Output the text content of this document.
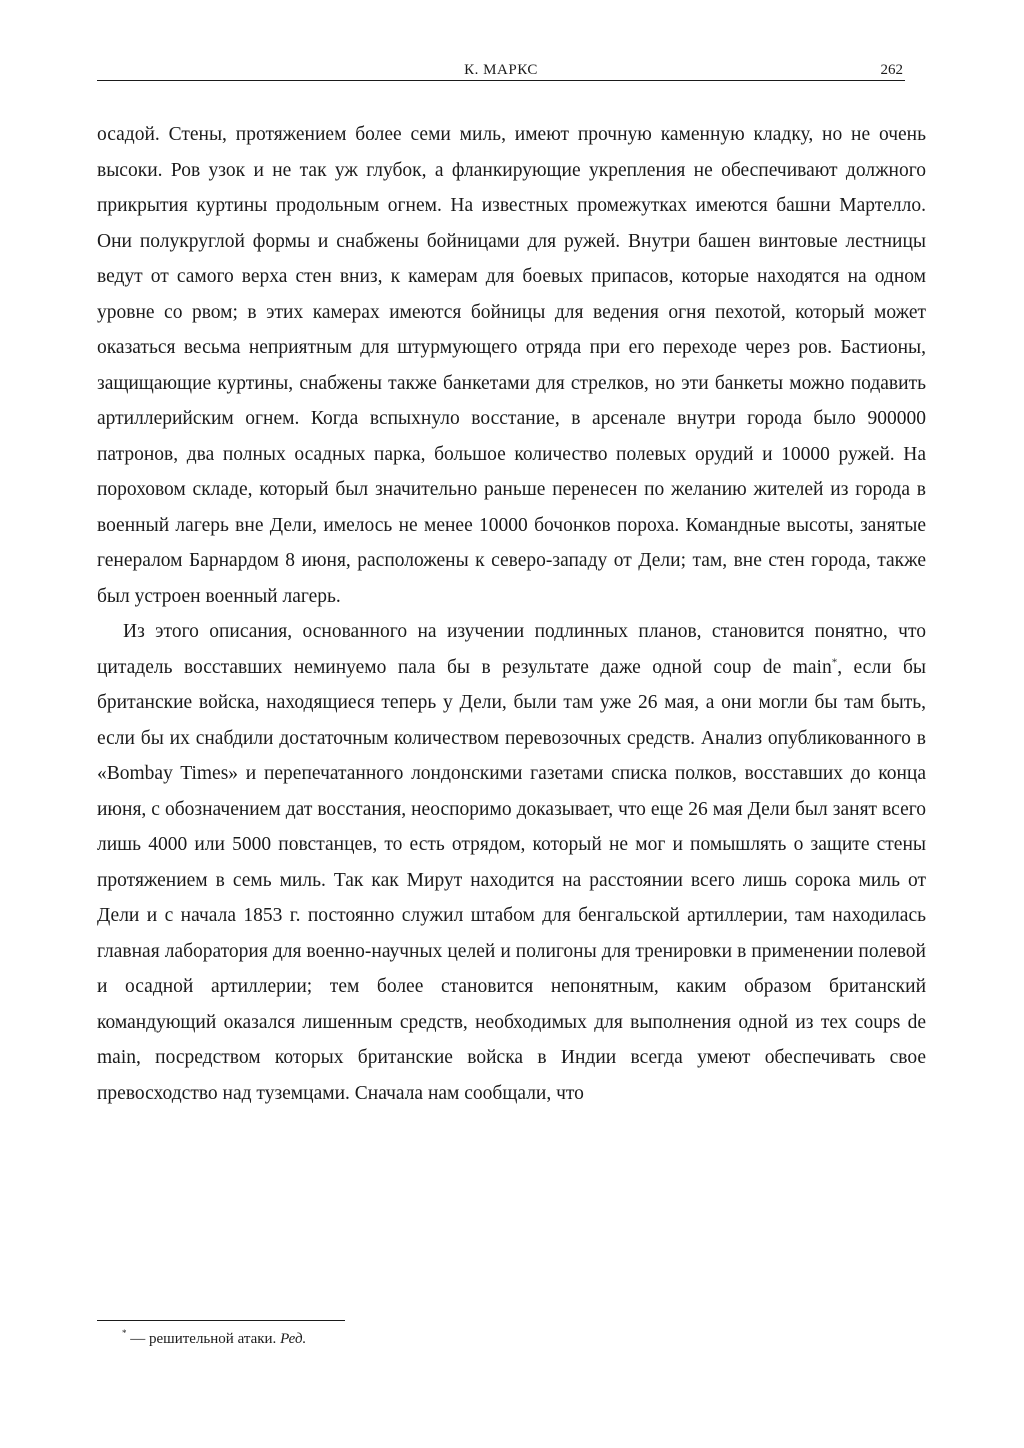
К. МАРКС	262

осадой. Стены, протяжением более семи миль, имеют прочную каменную кладку, но не очень высоки. Ров узок и не так уж глубок, а фланкирующие укрепления не обеспечивают должного прикрытия куртины продольным огнем. На известных промежутках имеются башни Мартелло. Они полукруглой формы и снабжены бойницами для ружей. Внутри башен винтовые лестницы ведут от самого верха стен вниз, к камерам для боевых припасов, которые находятся на одном уровне со рвом; в этих камерах имеются бойницы для ведения огня пехотой, который может оказаться весьма неприятным для штурмующего отряда при его переходе через ров. Бастионы, защищающие куртины, снабжены также банкетами для стрелков, но эти банкеты можно подавить артиллерийским огнем. Когда вспыхнуло восстание, в арсенале внутри города было 900000 патронов, два полных осадных парка, большое количество полевых орудий и 10000 ружей. На пороховом складе, который был значительно раньше перенесен по желанию жителей из города в военный лагерь вне Дели, имелось не менее 10000 бочонков пороха. Командные высоты, занятые генералом Барнардом 8 июня, расположены к северо-западу от Дели; там, вне стен города, также был устроен военный лагерь.

Из этого описания, основанного на изучении подлинных планов, становится понятно, что цитадель восставших неминуемо пала бы в результате даже одной coup de main*, если бы британские войска, находящиеся теперь у Дели, были там уже 26 мая, а они могли бы там быть, если бы их снабдили достаточным количеством перевозочных средств. Анализ опубликованного в «Bombay Times» и перепечатанного лондонскими газетами списка полков, восставших до конца июня, с обозначением дат восстания, неоспоримо доказывает, что еще 26 мая Дели был занят всего лишь 4000 или 5000 повстанцев, то есть отрядом, который не мог и помышлять о защите стены протяжением в семь миль. Так как Мирут находится на расстоянии всего лишь сорока миль от Дели и с начала 1853 г. постоянно служил штабом для бенгальской артиллерии, там находилась главная лаборатория для военно-научных целей и полигоны для тренировки в применении полевой и осадной артиллерии; тем более становится непонятным, каким образом британский командующий оказался лишенным средств, необходимых для выполнения одной из тех coups de main, посредством которых британские войска в Индии всегда умеют обеспечивать свое превосходство над туземцами. Сначала нам сообщали, что

* — решительной атаки. Ред.
